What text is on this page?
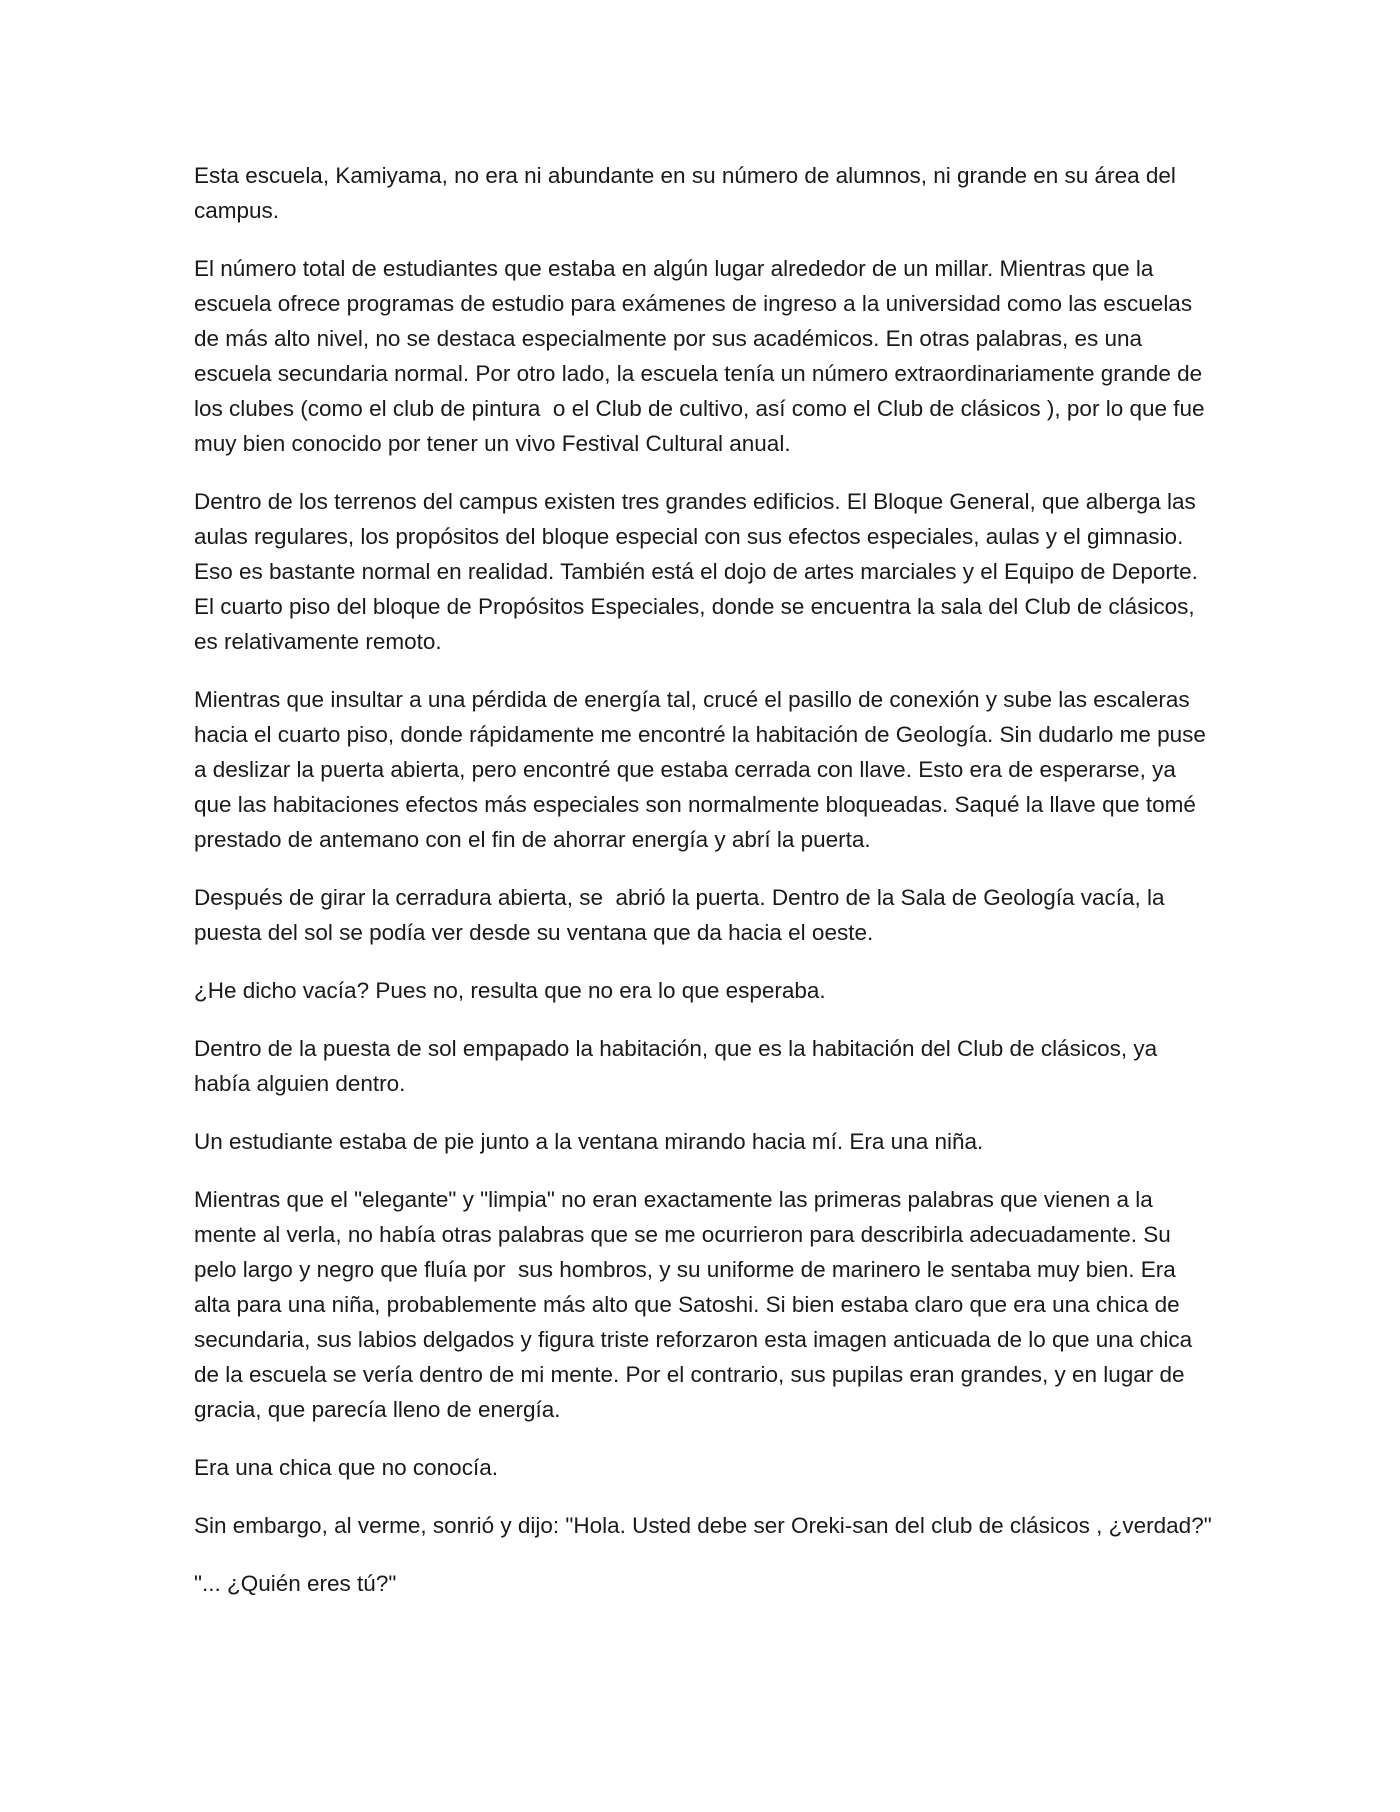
Esta escuela, Kamiyama, no era ni abundante en su número de alumnos, ni grande en su área del campus.

El número total de estudiantes que estaba en algún lugar alrededor de un millar. Mientras que la escuela ofrece programas de estudio para exámenes de ingreso a la universidad como las escuelas de más alto nivel, no se destaca especialmente por sus académicos. En otras palabras, es una escuela secundaria normal. Por otro lado, la escuela tenía un número extraordinariamente grande de los clubes (como el club de pintura  o el Club de cultivo, así como el Club de clásicos ), por lo que fue muy bien conocido por tener un vivo Festival Cultural anual.

Dentro de los terrenos del campus existen tres grandes edificios. El Bloque General, que alberga las aulas regulares, los propósitos del bloque especial con sus efectos especiales, aulas y el gimnasio. Eso es bastante normal en realidad. También está el dojo de artes marciales y el Equipo de Deporte. El cuarto piso del bloque de Propósitos Especiales, donde se encuentra la sala del Club de clásicos, es relativamente remoto.

Mientras que insultar a una pérdida de energía tal, crucé el pasillo de conexión y sube las escaleras hacia el cuarto piso, donde rápidamente me encontré la habitación de Geología. Sin dudarlo me puse a deslizar la puerta abierta, pero encontré que estaba cerrada con llave. Esto era de esperarse, ya que las habitaciones efectos más especiales son normalmente bloqueadas. Saqué la llave que tomé prestado de antemano con el fin de ahorrar energía y abrí la puerta.

Después de girar la cerradura abierta, se  abrió la puerta. Dentro de la Sala de Geología vacía, la puesta del sol se podía ver desde su ventana que da hacia el oeste.

¿He dicho vacía? Pues no, resulta que no era lo que esperaba.

Dentro de la puesta de sol empapado la habitación, que es la habitación del Club de clásicos, ya había alguien dentro.

Un estudiante estaba de pie junto a la ventana mirando hacia mí. Era una niña.

Mientras que el "elegante" y "limpia" no eran exactamente las primeras palabras que vienen a la mente al verla, no había otras palabras que se me ocurrieron para describirla adecuadamente. Su pelo largo y negro que fluía por  sus hombros, y su uniforme de marinero le sentaba muy bien. Era alta para una niña, probablemente más alto que Satoshi. Si bien estaba claro que era una chica de secundaria, sus labios delgados y figura triste reforzaron esta imagen anticuada de lo que una chica de la escuela se vería dentro de mi mente. Por el contrario, sus pupilas eran grandes, y en lugar de gracia, que parecía lleno de energía.

Era una chica que no conocía.

Sin embargo, al verme, sonrió y dijo: "Hola. Usted debe ser Oreki-san del club de clásicos , ¿verdad?"

"... ¿Quién eres tú?"
